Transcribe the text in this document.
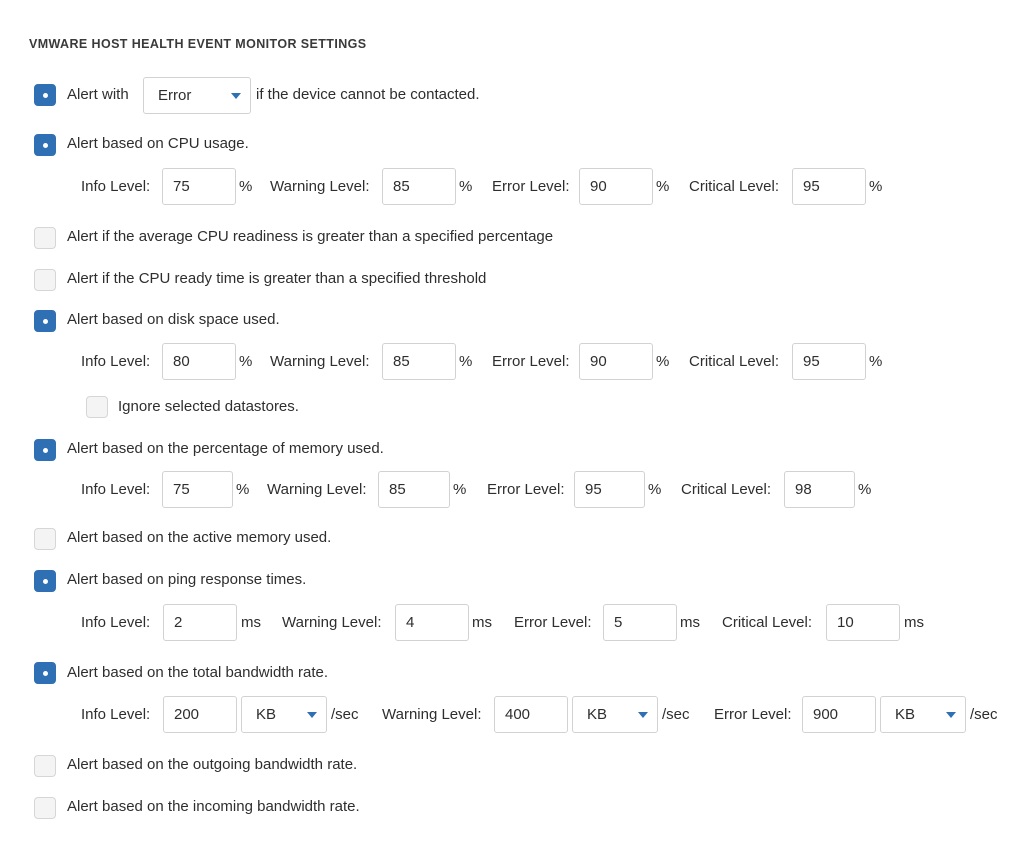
VMWARE HOST HEALTH EVENT MONITOR SETTINGS
Alert with Error	if the device cannot be contacted.
Alert based on CPU usage.
Info Level:
75	% Warning Level:
85	% Error Level:
90	% Critical Level:
95	%
Alert if the average CPU readiness is greater than a specified percentage
Alert if the CPU ready time is greater than a specified threshold
Alert based on disk space used.
Info Level:
80	% Warning Level:
85	% Error Level:
90	% Critical Level:
95	%
Ignore selected datastores.
Alert based on the percentage of memory used.
Info Level:
75	% Warning Level:
85	% Error Level:
95	% Critical Level:
98	%
Alert based on the active memory used.
Alert based on ping response times.
Info Level:
2	ms Warning Level:
4	ms Error Level:
5	ms Critical Level:
10	ms
Alert based on the total bandwidth rate.
Info Level:
200	KB	/sec Warning Level:
400	KB	/sec Error Level:
900	KB	/sec
Alert based on the outgoing bandwidth rate.
Alert based on the incoming bandwidth rate.
